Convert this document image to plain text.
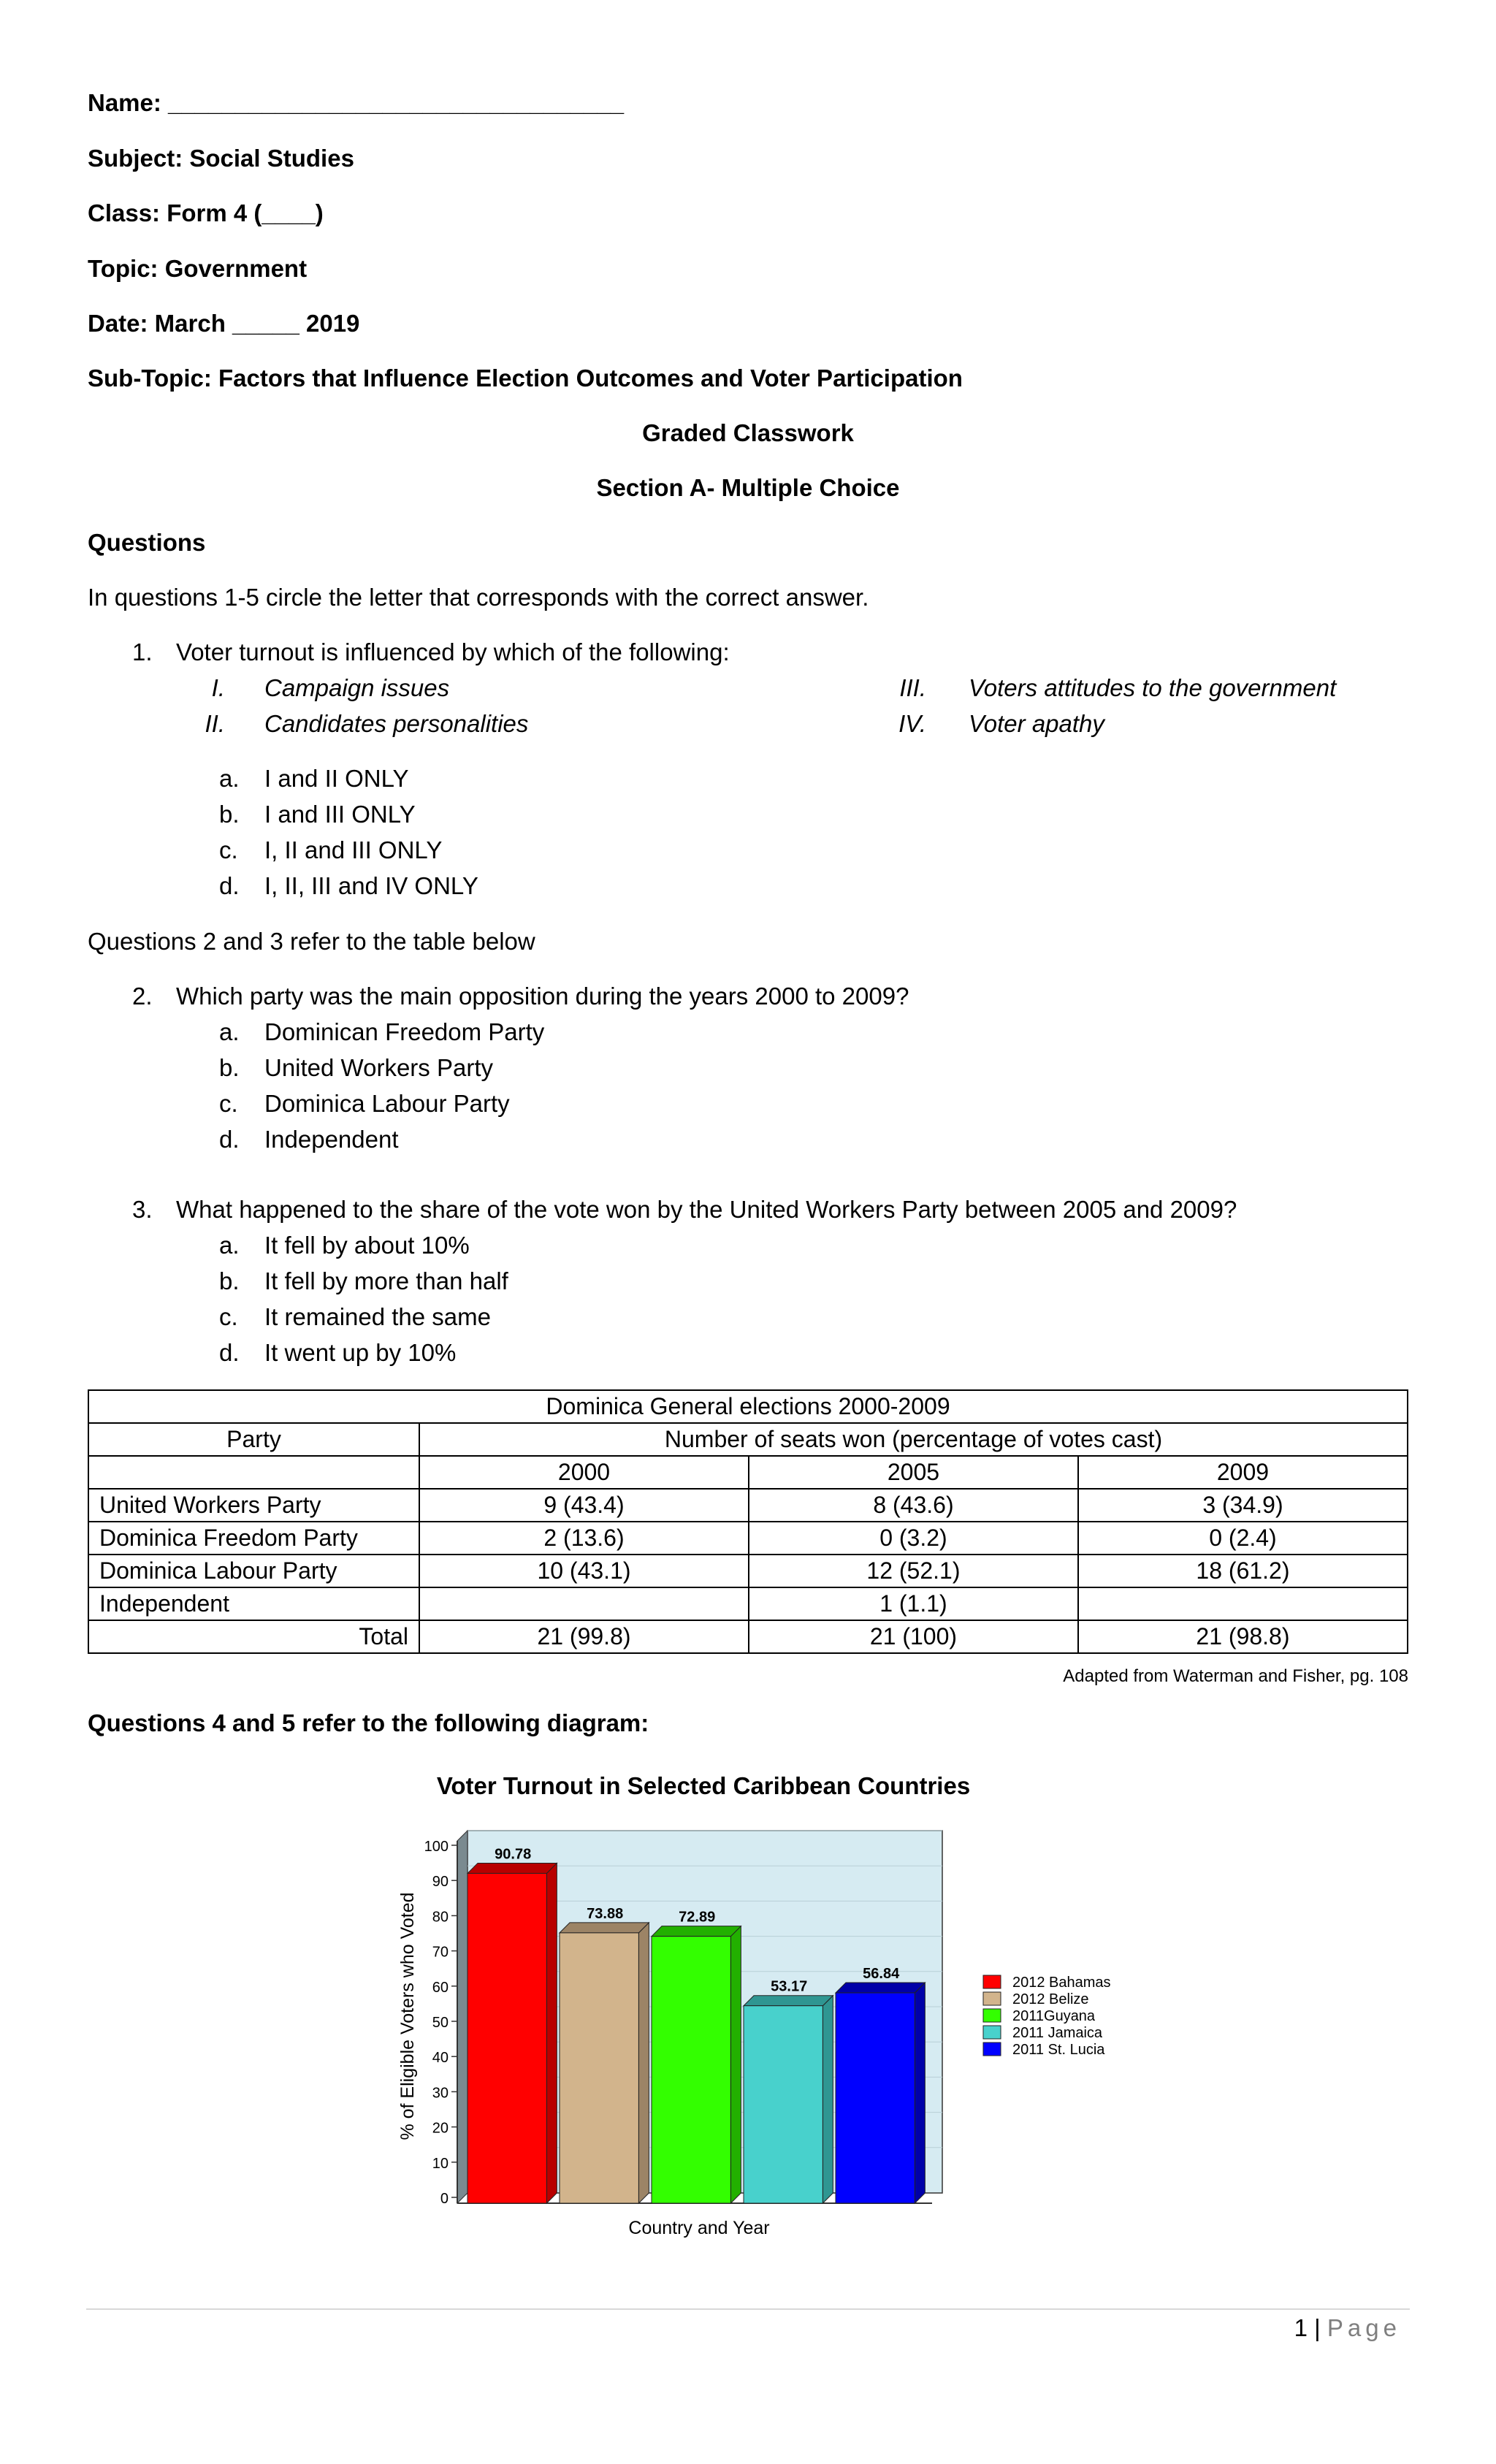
Name: __________________________________
Subject: Social Studies
Class: Form 4 (____)
Topic: Government
Date: March _____ 2019
Sub-Topic: Factors that Influence Election Outcomes and Voter Participation
Graded Classwork
Section A- Multiple Choice
Questions
In questions 1-5 circle the letter that corresponds with the correct answer.
1. Voter turnout is influenced by which of the following:
I. Campaign issues
II. Candidates personalities
III. Voters attitudes to the government
IV. Voter apathy
a. I and II ONLY
b. I and III ONLY
c. I, II and III ONLY
d. I, II, III and IV ONLY
Questions 2 and 3 refer to the table below
2. Which party was the main opposition during the years 2000 to 2009?
a. Dominican Freedom Party
b. United Workers Party
c. Dominica Labour Party
d. Independent
3. What happened to the share of the vote won by the United Workers Party between 2005 and 2009?
a. It fell by about 10%
b. It fell by more than half
c. It remained the same
d. It went up by 10%
Dominica General elections 2000-2009			
Party	Number of seats won (percentage of votes cast)		
	2000	2005	2009
United Workers Party	9 (43.4)	8 (43.6)	3 (34.9)
Dominica Freedom Party	2 (13.6)	0 (3.2)	0 (2.4)
Dominica Labour Party	10 (43.1)	12 (52.1)	18 (61.2)
Independent		1 (1.1)	
Total	21 (99.8)	21 (100)	21 (98.8)
Adapted from Waterman and Fisher, pg. 108
Questions 4 and 5 refer to the following diagram:
Voter Turnout in Selected Caribbean Countries
% of Eligible Voters who Voted
Country and Year
0
10
20
30
40
50
60
70
80
90
100	90.78
73.88	72.89
53.17
56.84
2012 Bahamas
2012 Belize
2011Guyana
2011 Jamaica
2011 St. Lucia
1 | Page
